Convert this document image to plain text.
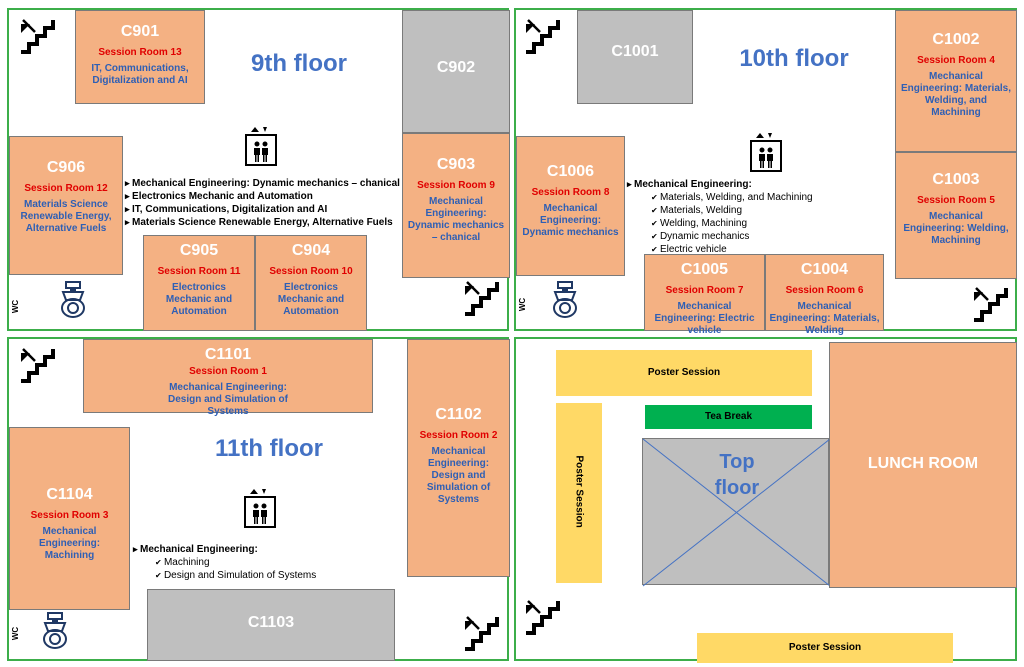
WC
9th floor
C901
Session Room 13
IT, Communications, Digitalization and AI
C902
C903
Session Room 9
Mechanical Engineering: Dynamic mechanics – chanical
C906
Session Room 12
Materials Science Renewable Energy, Alternative Fuels
C905
Session Room 11
Electronics Mechanic and Automation
C904
Session Room 10
Electronics Mechanic and Automation
▸ Mechanical Engineering: Dynamic mechanics – chanical
▸ Electronics Mechanic and Automation
▸ IT, Communications, Digitalization and AI
▸ Materials Science Renewable Energy, Alternative Fuels
WC
10th floor
C1001
C1002
Session Room 4
Mechanical Engineering: Materials, Welding, and Machining
C1003
Session Room 5
Mechanical Engineering: Welding, Machining
C1006
Session Room 8
Mechanical Engineering: Dynamic mechanics
C1005
Session Room 7
Mechanical Engineering: Electric vehicle
C1004
Session Room 6
Mechanical Engineering: Materials, Welding
▸ Mechanical Engineering:
✔ Materials, Welding, and Machining
✔ Materials, Welding
✔ Welding, Machining
✔ Dynamic mechanics
✔ Electric vehicle
WC
11th floor
C1101
Session Room 1
Mechanical Engineering: Design and Simulation of Systems	C1102
Session Room 2
Mechanical Engineering: Design and Simulation of Systems
C1104
Session Room 3
Mechanical Engineering: Machining
C1103
▸ Mechanical Engineering:
✔ Machining
✔ Design and Simulation of Systems
Poster Session
Poster Session
Poster Session
Tea Break
Top floor
LUNCH ROOM
